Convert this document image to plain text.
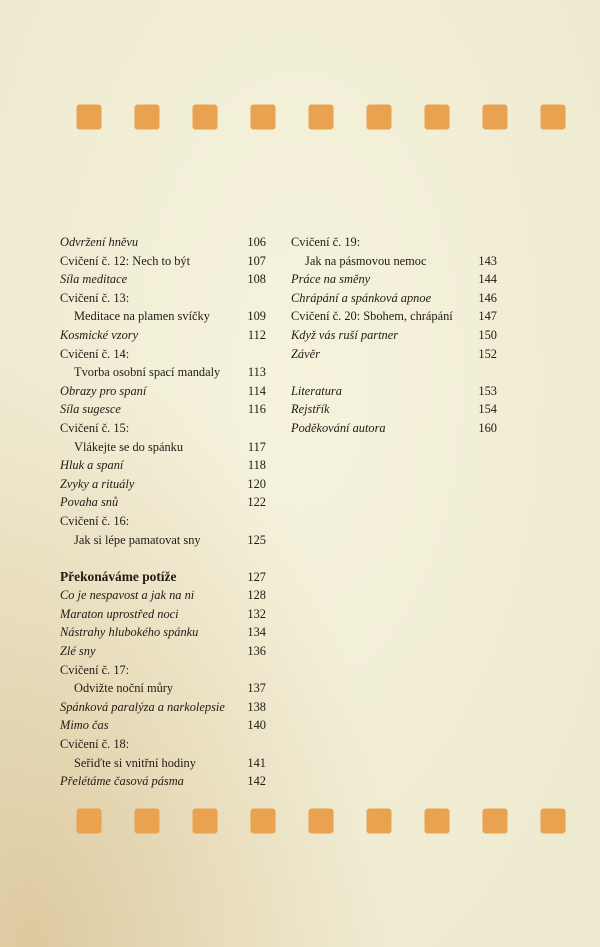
Odvržení hněvu	106
Cvičení č. 12: Nech to být	107
Síla meditace	108
Cvičení č. 13:
Meditace na plamen svíčky	109
Kosmické vzory	112
Cvičení č. 14:
Tvorba osobní spací mandaly 113
Obrazy pro spaní	114
Síla sugesce	116
Cvičení č. 15:
Vlákejte se do spánku	117
Hluk a spaní	118
Zvyky a rituály	120
Povaha snů	122
Cvičení č. 16:
Jak si lépe pamatovat sny	125
Překonáváme potíže	127
Co je nespavost a jak na ni	128
Maraton uprostřed noci	132
Nástrahy hlubokého spánku	134
Zlé sny	136
Cvičení č. 17:
Odvižte noční můry	137
Spánková paralýza a narkolepsie 138
Mimo čas	140
Cvičení č. 18:
Seřiďte si vnitřní hodiny	141
Přelétáme časová pásma	142
Cvičení č. 19:
Jak na pásmovou nemoc	143
Práce na směny	144
Chrápání a spánková apnoe	146
Cvičení č. 20: Sbohem, chrápání 147
Když vás ruší partner	150
Závěr	152
Literatura	153
Rejstřík	154
Poděkování autora	160
